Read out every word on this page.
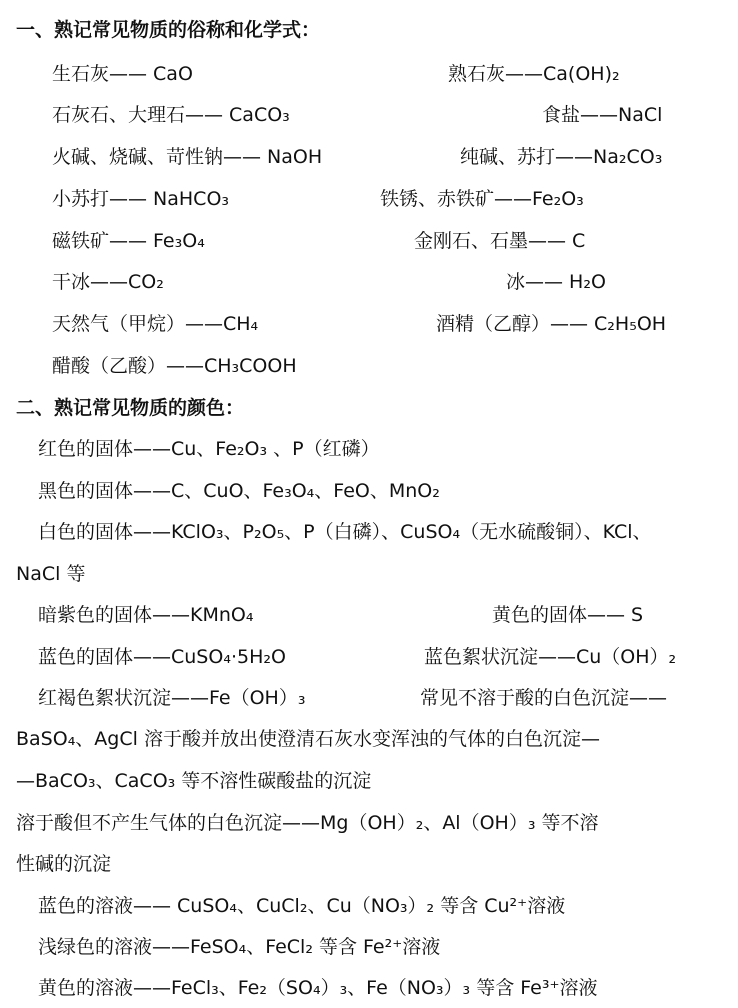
一、熟记常见物质的俗称和化学式：
生石灰—— CaO	熟石灰——Ca(OH)₂
石灰石、大理石—— CaCO₃	食盐——NaCl
火碱、烧碱、苛性钠—— NaOH	纯碱、苏打——Na₂CO₃
小苏打—— NaHCO₃	铁锈、赤铁矿——Fe₂O₃
磁铁矿—— Fe₃O₄	金刚石、石墨—— C
干冰——CO₂	冰—— H₂O
天然气（甲烷）——CH₄	酒精（乙醇）—— C₂H₅OH
醋酸（乙酸）——CH₃COOH
二、熟记常见物质的颜色：
红色的固体——Cu、Fe₂O₃ 、P（红磷）
黑色的固体——C、CuO、Fe₃O₄、FeO、MnO₂
白色的固体——KClO₃、P₂O₅、P（白磷）、CuSO₄（无水硫酸铜）、KCl、
NaCl 等
暗紫色的固体——KMnO₄	黄色的固体—— S
蓝色的固体——CuSO₄·5H₂O	蓝色絮状沉淀——Cu（OH）₂
红褐色絮状沉淀——Fe（OH）₃	常见不溶于酸的白色沉淀——
BaSO₄、AgCl 溶于酸并放出使澄清石灰水变浑浊的气体的白色沉淀—
—BaCO₃、CaCO₃ 等不溶性碳酸盐的沉淀
溶于酸但不产生气体的白色沉淀——Mg（OH）₂、Al（OH）₃ 等不溶
性碱的沉淀
蓝色的溶液—— CuSO₄、CuCl₂、Cu（NO₃）₂ 等含 Cu²⁺溶液
浅绿色的溶液——FeSO₄、FeCl₂ 等含 Fe²⁺溶液
黄色的溶液——FeCl₃、Fe₂（SO₄）₃、Fe（NO₃）₃ 等含 Fe³⁺溶液
